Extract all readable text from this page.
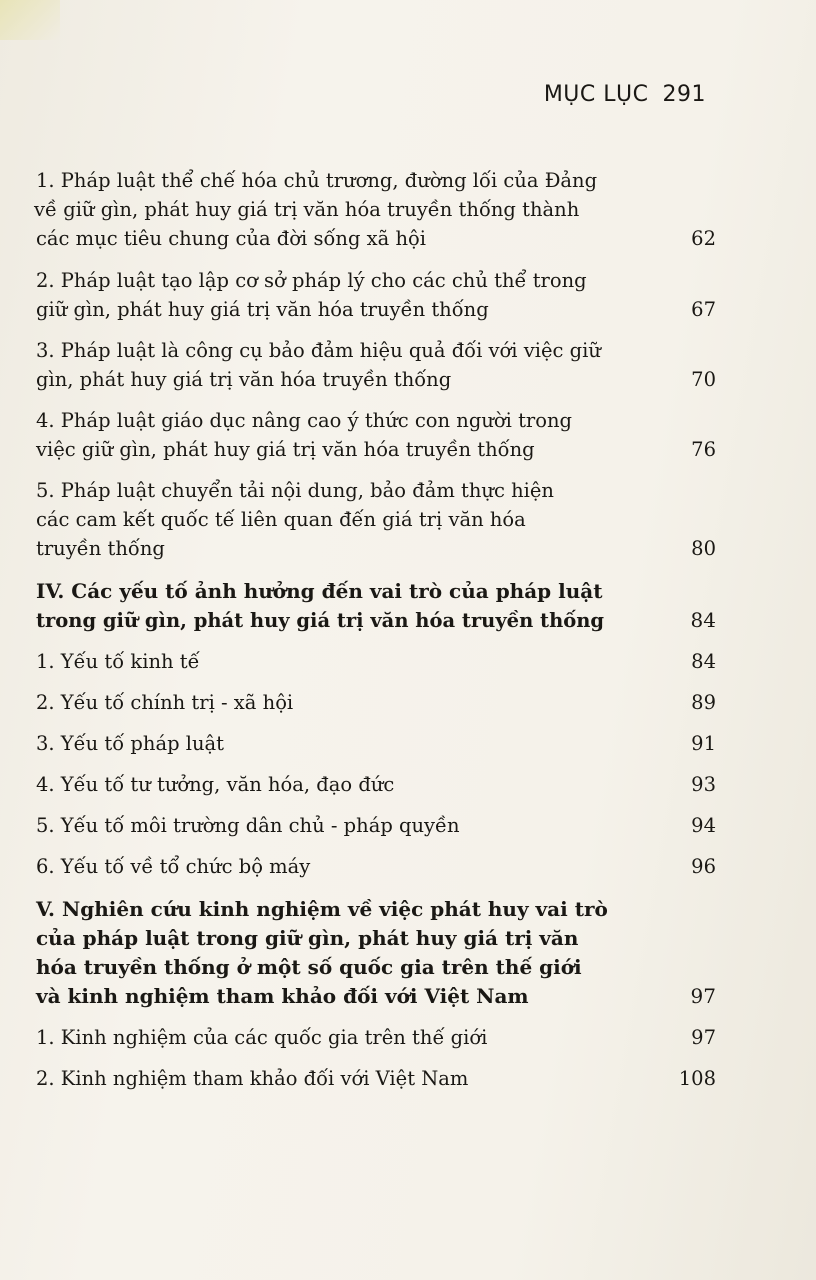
MỤC LỤC 291
1. Pháp luật thể chế hóa chủ trương, đường lối của Đảng
về giữ gìn, phát huy giá trị văn hóa truyền thống thành
các mục tiêu chung của đời sống xã hội	62
2. Pháp luật tạo lập cơ sở pháp lý cho các chủ thể trong
giữ gìn, phát huy giá trị văn hóa truyền thống	67
3. Pháp luật là công cụ bảo đảm hiệu quả đối với việc giữ
gìn, phát huy giá trị văn hóa truyền thống	70
4. Pháp luật giáo dục nâng cao ý thức con người trong
việc giữ gìn, phát huy giá trị văn hóa truyền thống	76
5. Pháp luật chuyển tải nội dung, bảo đảm thực hiện
các cam kết quốc tế liên quan đến giá trị văn hóa
truyền thống	80
IV. Các yếu tố ảnh hưởng đến vai trò của pháp luật
trong giữ gìn, phát huy giá trị văn hóa truyền thống	84
1. Yếu tố kinh tế	84
2. Yếu tố chính trị - xã hội	89
3. Yếu tố pháp luật	91
4. Yếu tố tư tưởng, văn hóa, đạo đức	93
5. Yếu tố môi trường dân chủ - pháp quyền	94
6. Yếu tố về tổ chức bộ máy	96
V. Nghiên cứu kinh nghiệm về việc phát huy vai trò
của pháp luật trong giữ gìn, phát huy giá trị văn
hóa truyền thống ở một số quốc gia trên thế giới
và kinh nghiệm tham khảo đối với Việt Nam	97
1. Kinh nghiệm của các quốc gia trên thế giới	97
2. Kinh nghiệm tham khảo đối với Việt Nam	108
